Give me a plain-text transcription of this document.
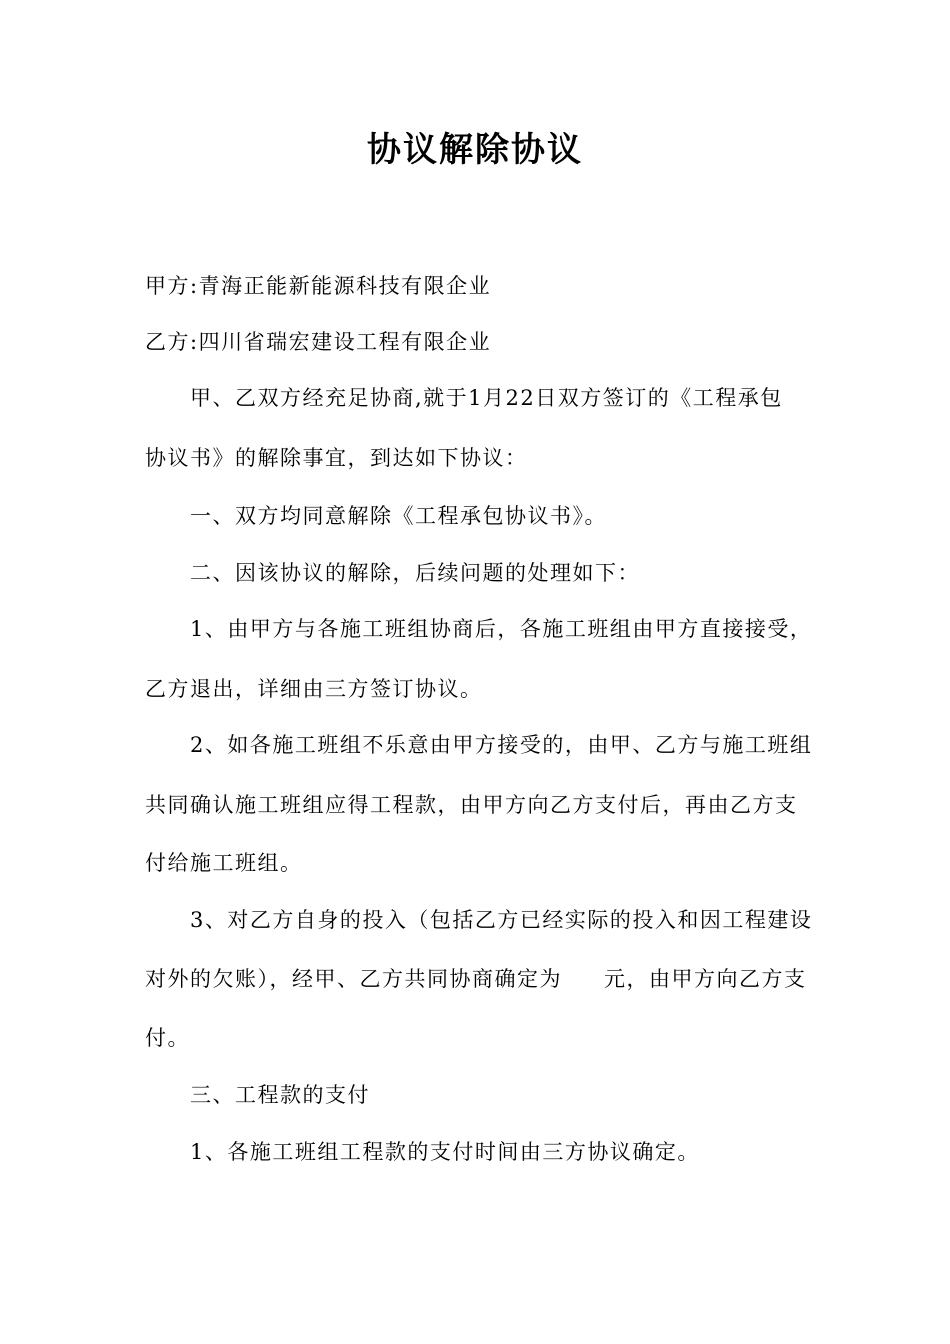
协议解除协议
甲方:青海正能新能源科技有限企业
乙方:四川省瑞宏建设工程有限企业
甲、乙双方经充足协商,就于1月22日双方签订的《工程承包
协议书》的解除事宜，到达如下协议：
一、双方均同意解除《工程承包协议书》。
二、因该协议的解除，后续问题的处理如下：
1、由甲方与各施工班组协商后，各施工班组由甲方直接接受，
乙方退出，详细由三方签订协议。
2、如各施工班组不乐意由甲方接受的，由甲、乙方与施工班组
共同确认施工班组应得工程款，由甲方向乙方支付后，再由乙方支
付给施工班组。
3、对乙方自身的投入（包括乙方已经实际的投入和因工程建设
对外的欠账），经甲、乙方共同协商确定为 元，由甲方向乙方支
付。
三、工程款的支付
1、各施工班组工程款的支付时间由三方协议确定。
